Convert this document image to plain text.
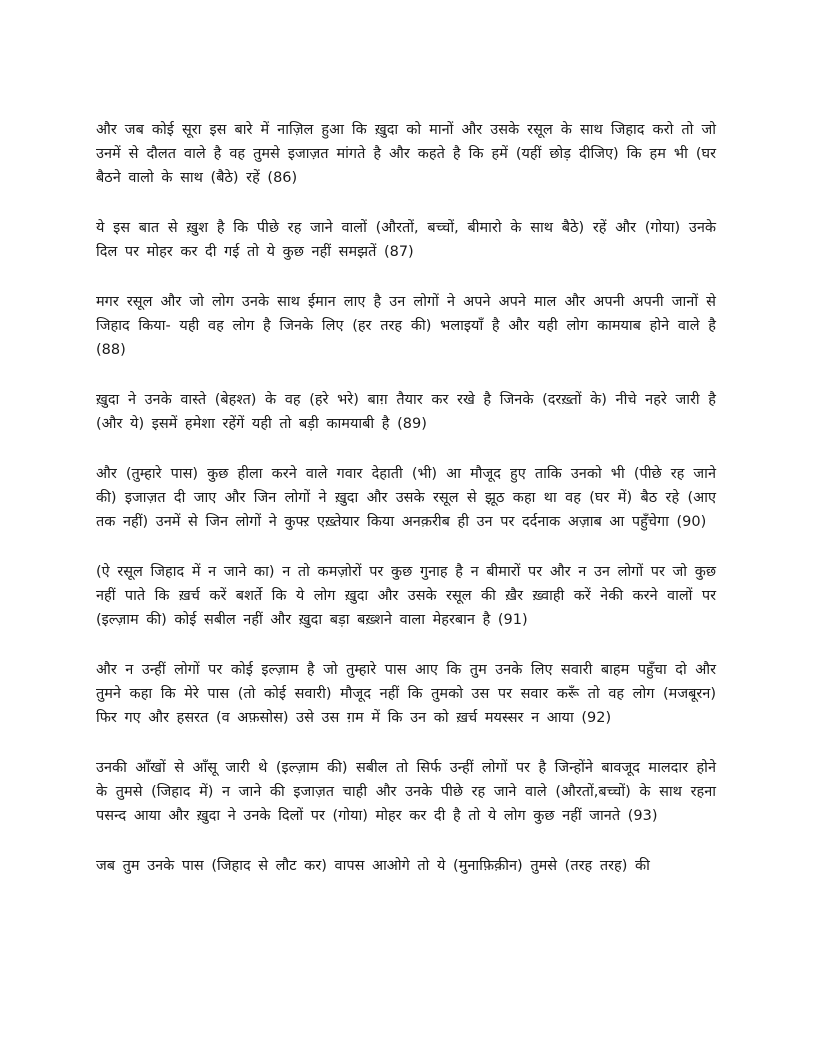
और जब कोई सूरा इस बारे में नाज़िल हुआ कि ख़ुदा को मानों और उसके रसूल के साथ जिहाद करो तो जो उनमें से दौलत वाले है वह तुमसे इजाज़त मांगते है और कहते है कि हमें (यहीं छोड़ दीजिए) कि हम भी (घर बैठने वालो के साथ (बैठे) रहें (86)

ये इस बात से ख़ुश है कि पीछे रह जाने वालों (औरतों, बच्चों, बीमारो के साथ बैठे) रहें और (गोया) उनके दिल पर मोहर कर दी गई तो ये कुछ नहीं समझतें (87)

मगर रसूल और जो लोग उनके साथ ईमान लाए है उन लोगों ने अपने अपने माल और अपनी अपनी जानों से जिहाद किया- यही वह लोग है जिनके लिए (हर तरह की) भलाइयाँ है और यही लोग कामयाब होने वाले है (88)

ख़ुदा ने उनके वास्ते (बेहश्त) के वह (हरे भरे) बाग़ तैयार कर रखे है जिनके (दरख़्तों के) नीचे नहरे जारी है (और ये) इसमें हमेशा रहेंगें यही तो बड़ी कामयाबी है (89)

और (तुम्हारे पास) कुछ हीला करने वाले गवार देहाती (भी) आ मौजूद हुए ताकि उनको भी (पीछे रह जाने की) इजाज़त दी जाए और जिन लोगों ने ख़ुदा और उसके रसूल से झूठ कहा था वह (घर में) बैठ रहे (आए तक नहीं) उनमें से जिन लोगों ने कुफ्ऱ एख़्तेयार किया अनक़रीब ही उन पर दर्दनाक अज़ाब आ पहुँचेगा (90)

(ऐ रसूल जिहाद में न जाने का) न तो कमज़ोरों पर कुछ गुनाह है न बीमारों पर और न उन लोगों पर जो कुछ नहीं पाते कि ख़र्च करें बशर्ते कि ये लोग ख़ुदा और उसके रसूल की ख़ैर ख़्वाही करें नेकी करने वालों पर (इल्ज़ाम की) कोई सबील नहीं और ख़ुदा बड़ा बख़्शने वाला मेहरबान है (91)

और न उन्हीं लोगों पर कोई इल्ज़ाम है जो तुम्हारे पास आए कि तुम उनके लिए सवारी बाहम पहुँचा दो और तुमने कहा कि मेरे पास (तो कोई सवारी) मौजूद नहीं कि तुमको उस पर सवार करूँ तो वह लोग (मजबूरन) फिर गए और हसरत (व अफ़सोस) उसे उस ग़म में कि उन को ख़र्च मयस्सर न आया (92)

उनकी आँखों से आँसू जारी थे (इल्ज़ाम की) सबील तो सिर्फ उन्हीं लोगों पर है जिन्होंने बावजूद मालदार होने के तुमसे (जिहाद में) न जाने की इजाज़त चाही और उनके पीछे रह जाने वाले (औरतों,बच्चों) के साथ रहना पसन्द आया और ख़ुदा ने उनके दिलों पर (गोया) मोहर कर दी है तो ये लोग कुछ नहीं जानते (93)

जब तुम उनके पास (जिहाद से लौट कर) वापस आओगे तो ये (मुनाफ़िक़ीन) तुमसे (तरह तरह) की
